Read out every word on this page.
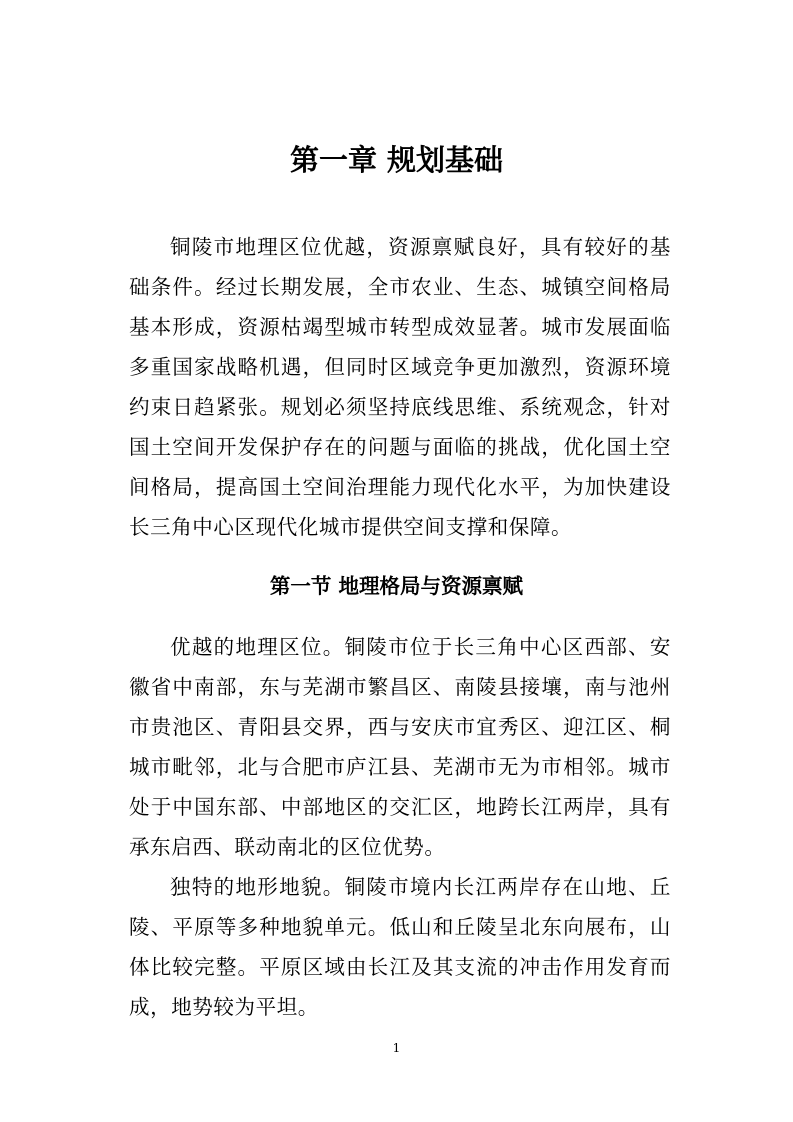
第一章 规划基础

铜陵市地理区位优越，资源禀赋良好，具有较好的基础条件。经过长期发展，全市农业、生态、城镇空间格局基本形成，资源枯竭型城市转型成效显著。城市发展面临多重国家战略机遇，但同时区域竞争更加激烈，资源环境约束日趋紧张。规划必须坚持底线思维、系统观念，针对国土空间开发保护存在的问题与面临的挑战，优化国土空间格局，提高国土空间治理能力现代化水平，为加快建设长三角中心区现代化城市提供空间支撑和保障。

第一节 地理格局与资源禀赋

优越的地理区位。铜陵市位于长三角中心区西部、安徽省中南部，东与芜湖市繁昌区、南陵县接壤，南与池州市贵池区、青阳县交界，西与安庆市宜秀区、迎江区、桐城市毗邻，北与合肥市庐江县、芜湖市无为市相邻。城市处于中国东部、中部地区的交汇区，地跨长江两岸，具有承东启西、联动南北的区位优势。

独特的地形地貌。铜陵市境内长江两岸存在山地、丘陵、平原等多种地貌单元。低山和丘陵呈北东向展布，山体比较完整。平原区域由长江及其支流的冲击作用发育而成，地势较为平坦。

1
